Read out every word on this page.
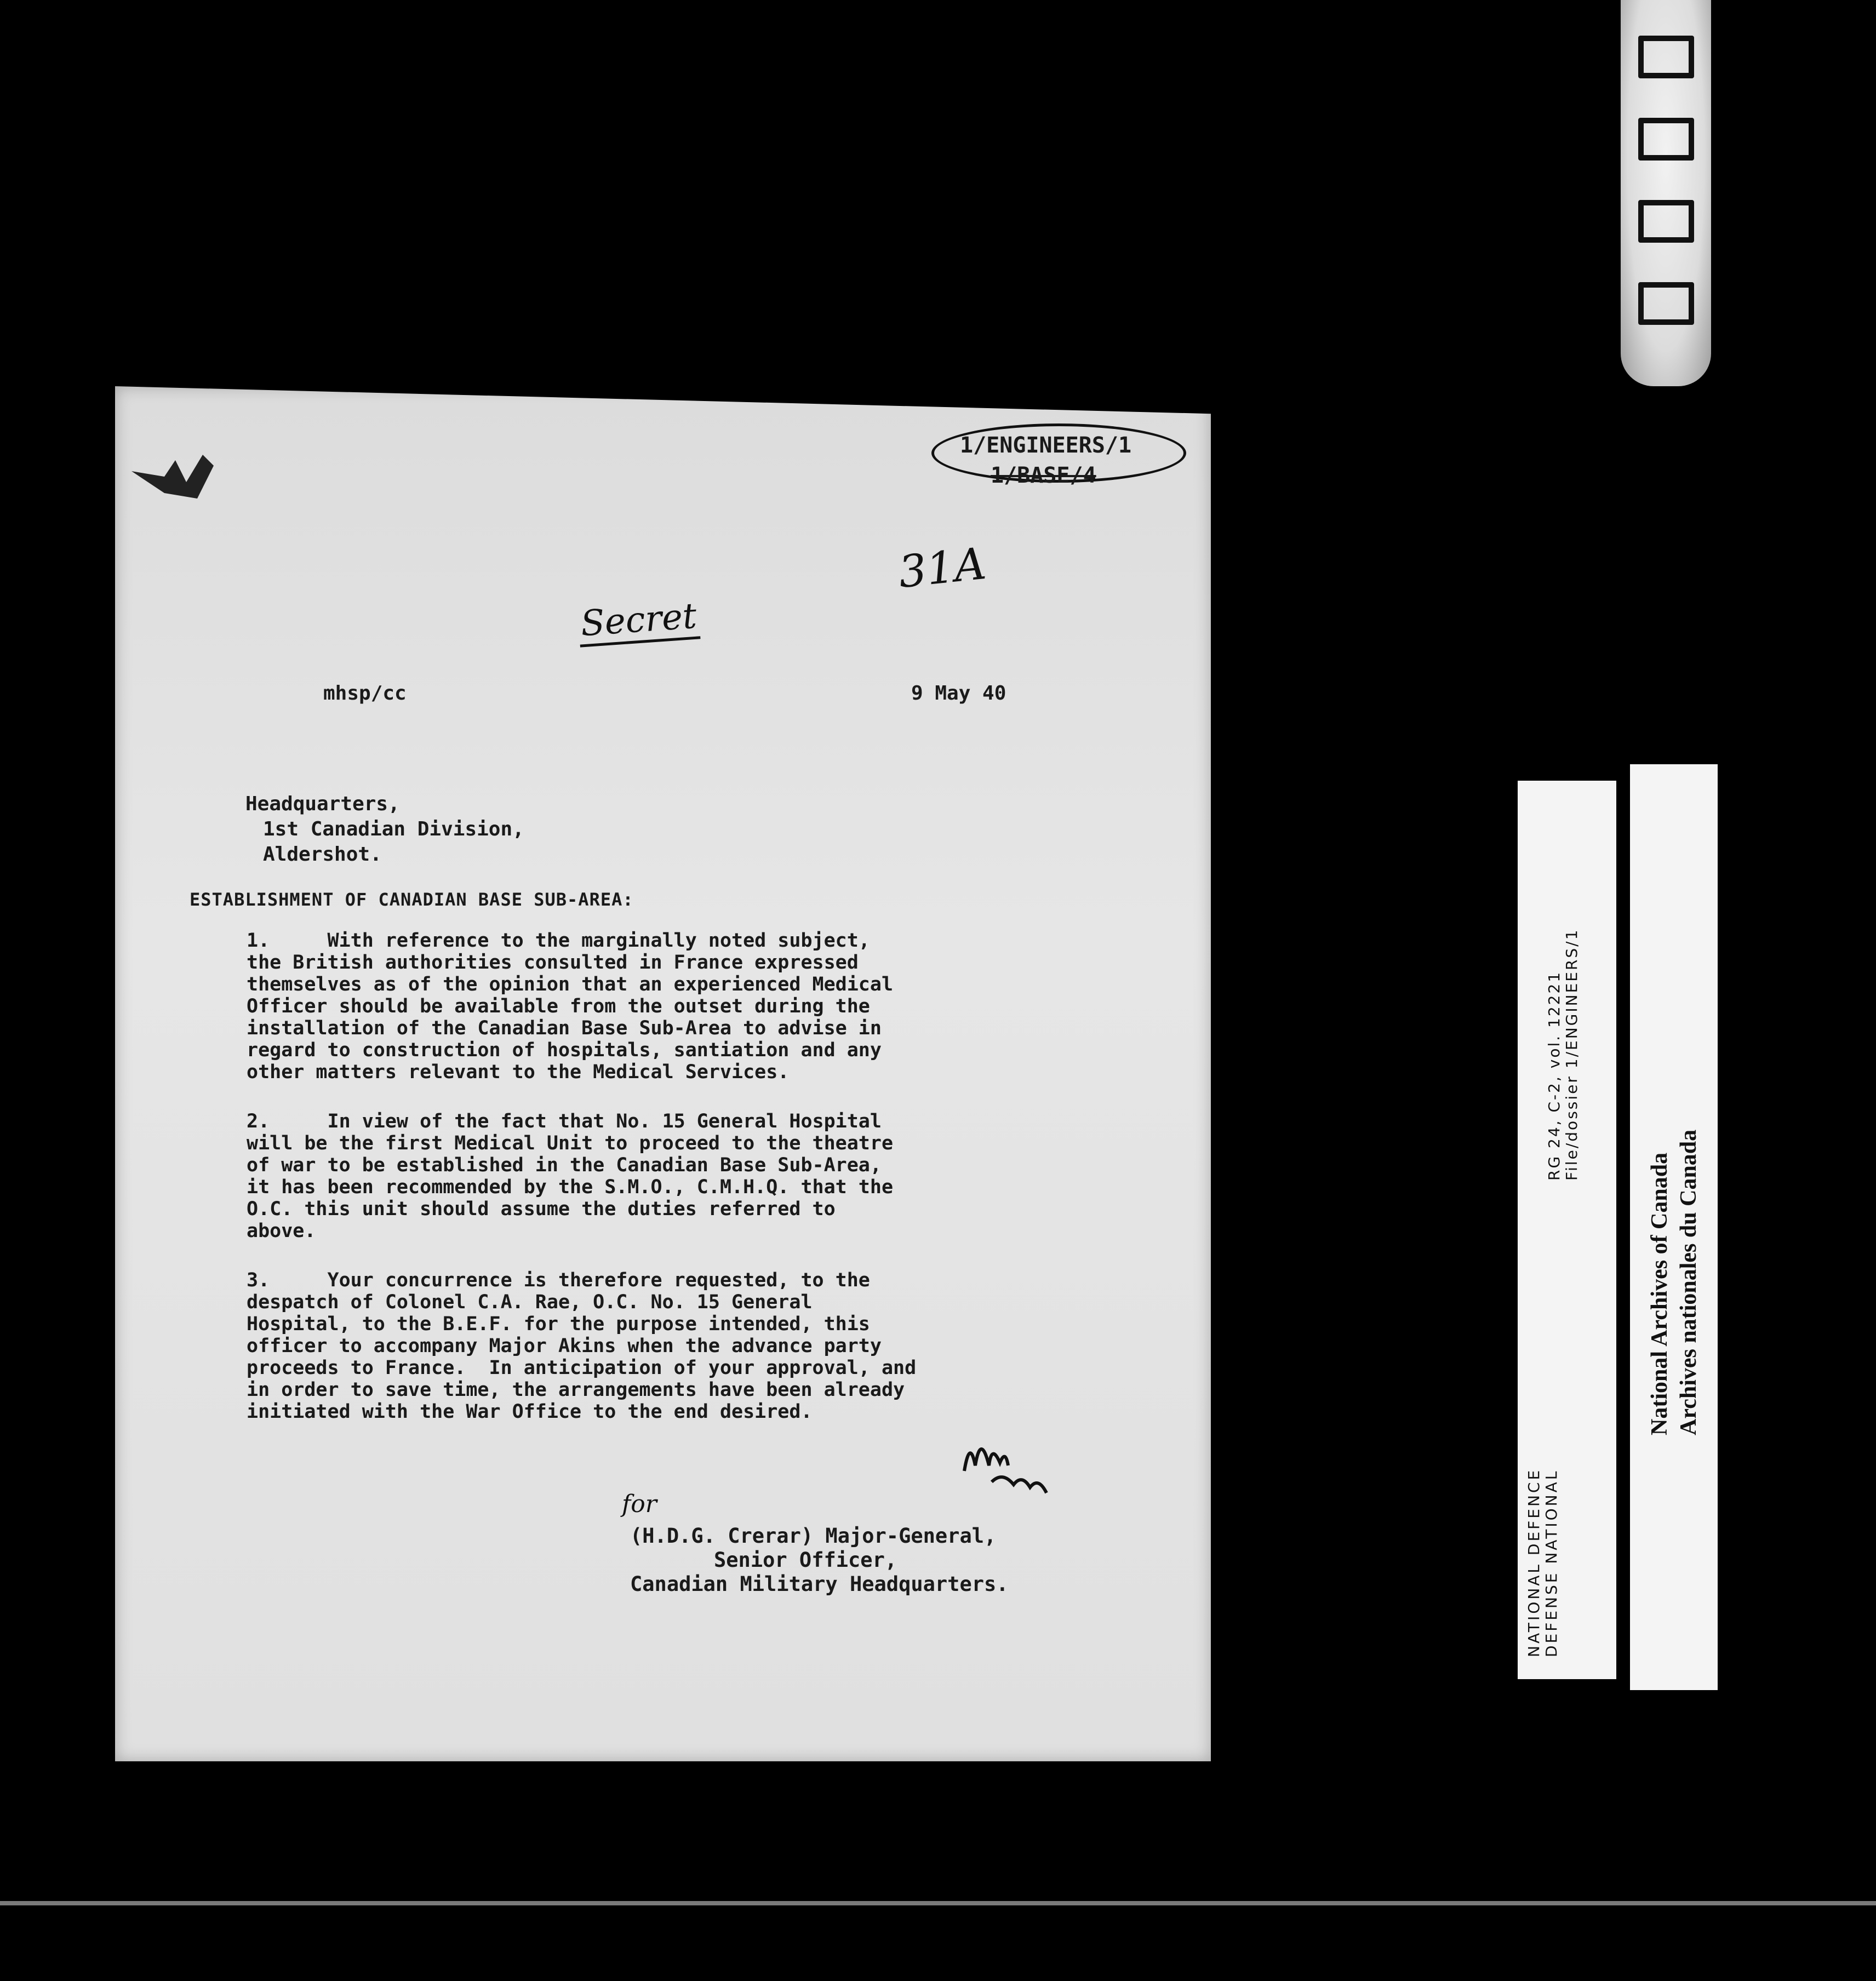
1/ENGINEERS/1
1/BASE/4
31A
Secret
mhsp/cc	9 May 40
Headquarters,
1st Canadian Division,
Aldershot.
ESTABLISHMENT OF CANADIAN BASE SUB-AREA:
1.     With reference to the marginally noted subject,
the British authorities consulted in France expressed
themselves as of the opinion that an experienced Medical
Officer should be available from the outset during the
installation of the Canadian Base Sub-Area to advise in
regard to construction of hospitals, santiation and any
other matters relevant to the Medical Services.
2.     In view of the fact that No. 15 General Hospital
will be the first Medical Unit to proceed to the theatre
of war to be established in the Canadian Base Sub-Area,
it has been recommended by the S.M.O., C.M.H.Q. that the
O.C. this unit should assume the duties referred to
above.
3.     Your concurrence is therefore requested, to the
despatch of Colonel C.A. Rae, O.C. No. 15 General
Hospital, to the B.E.F. for the purpose intended, this
officer to accompany Major Akins when the advance party
proceeds to France.  In anticipation of your approval, and
in order to save time, the arrangements have been already
initiated with the War Office to the end desired.
for
(H.D.G. Crerar) Major-General,
Senior Officer,
Canadian Military Headquarters.
RG 24, C-2, vol. 12221 File/dossier 1/ENGINEERS/1
NATIONAL DEFENCE DEFENSE NATIONAL
National Archives of Canada Archives nationales du Canada
